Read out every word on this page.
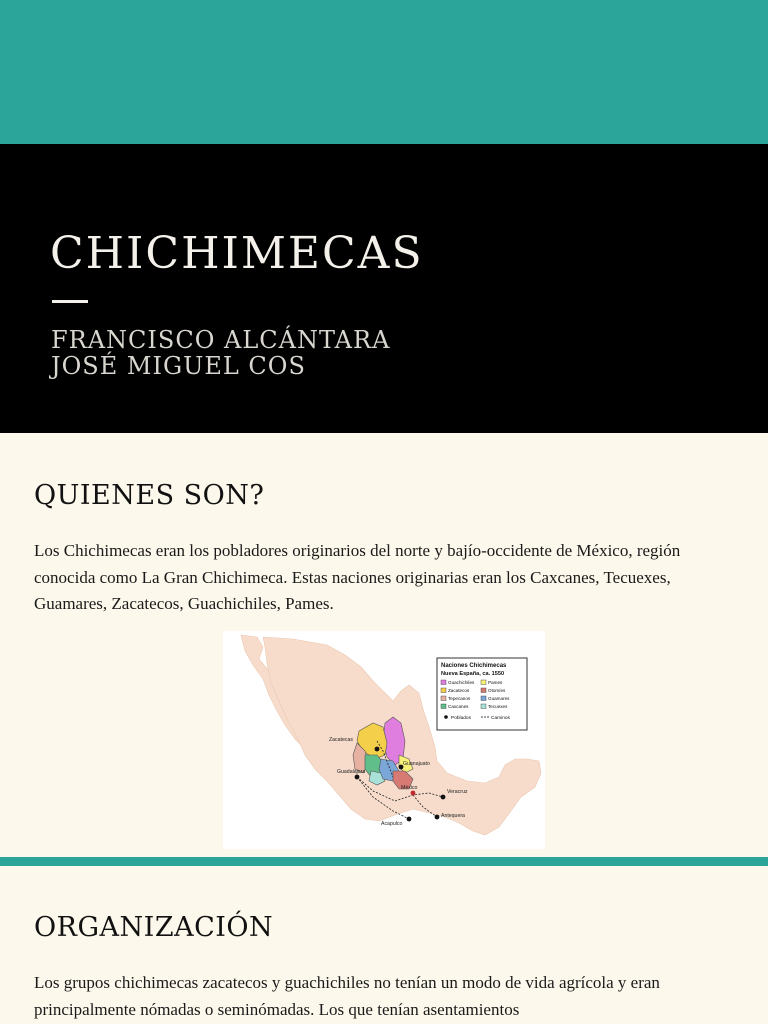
CHICHIMECAS
FRANCISCO ALCÁNTARA
JOSÉ MIGUEL COS
QUIENES SON?

Los Chichimecas eran los pobladores originarios del norte y bajío-occidente de México, región conocida como La Gran Chichimeca. Estas naciones originarias eran los Caxcanes, Tecuexes, Guamares, Zacatecos, Guachichiles, Pames.

Zacatecas
Guanajuato
Guadalajara
México
Veracruz
Antequera
Acapulco
Naciones Chichimecas
Nueva España, ca. 1550
Guachichiles	Pames
Zacatecos	Otomíes
Tepecanos	Guamares
Caxcanes	Tecuexes
Poblados	Caminos
ORGANIZACIÓN

Los grupos chichimecas zacatecos y guachichiles no tenían un modo de vida agrícola y eran principalmente nómadas o seminómadas. Los que tenían asentamientos
